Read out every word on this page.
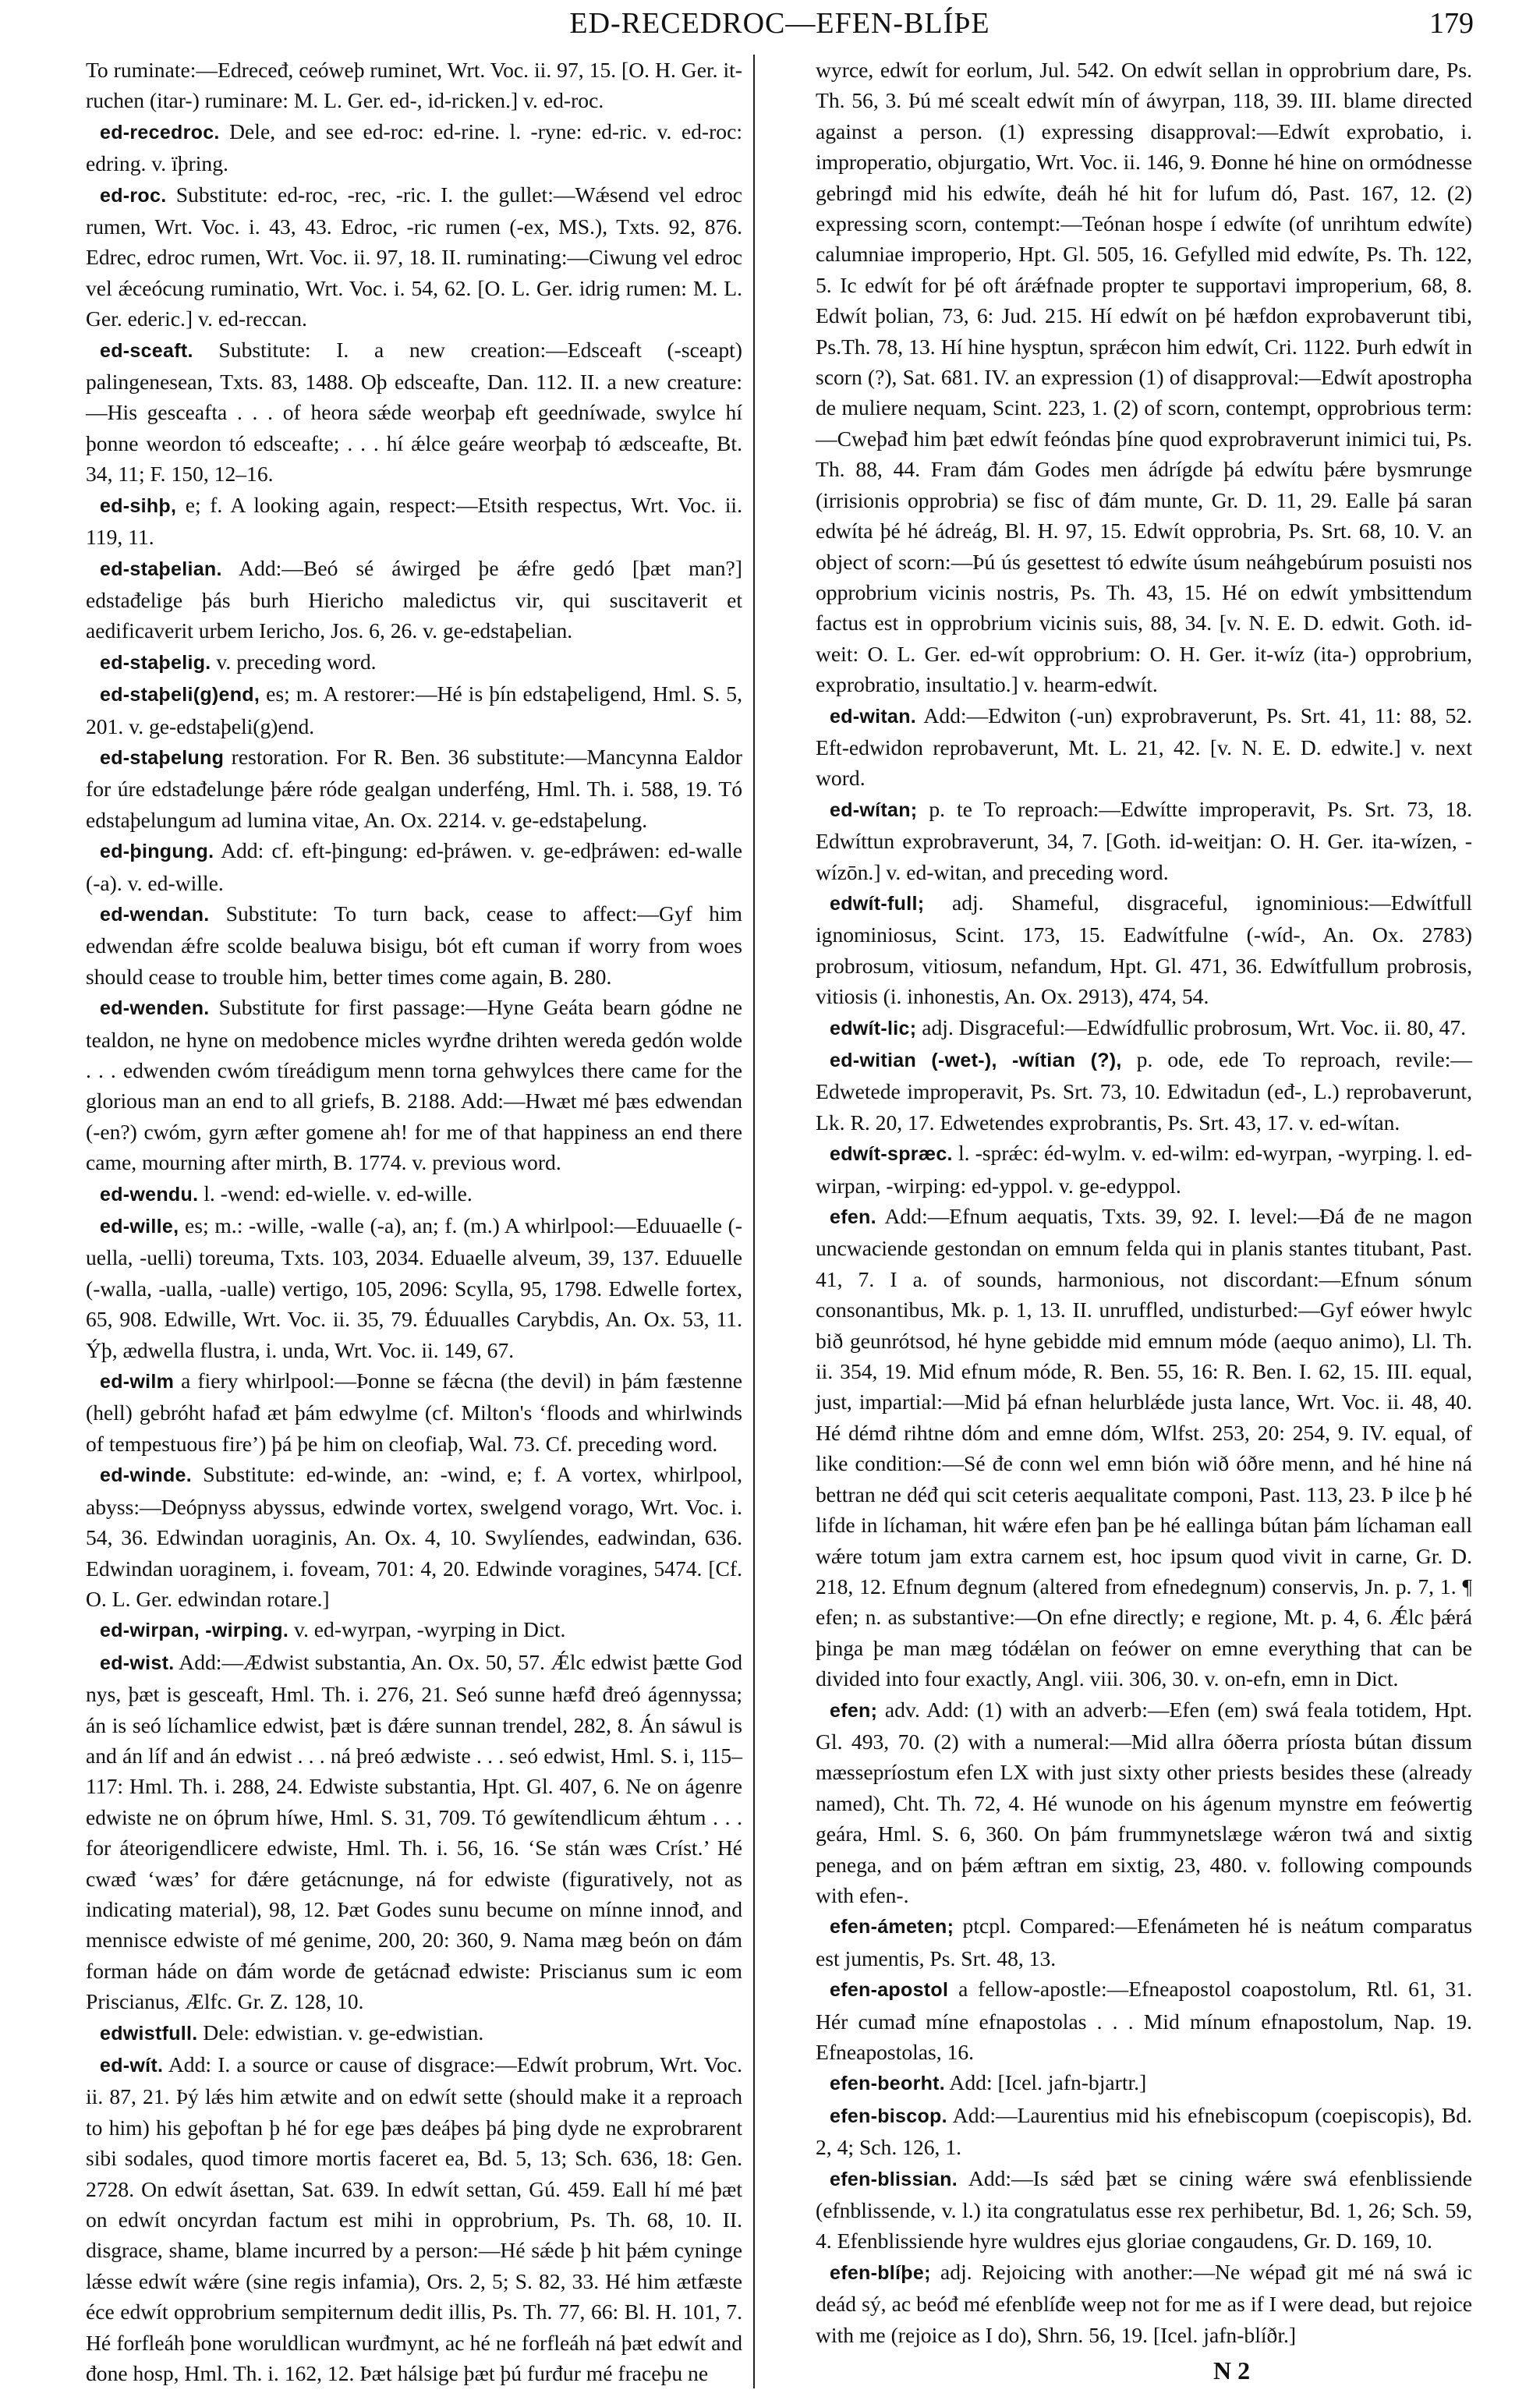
ED-RECEDROC—EFEN-BLÍÞE	179

To ruminate:—Edreceđ, ceóweþ ruminet, Wrt. Voc. ii. 97, 15. [O. H. Ger. it-ruchen (itar-) ruminare: M. L. Ger. ed-, id-ricken.] v. ed-roc.

ed-recedroc. Dele, and see ed-roc: ed-rine. l. -ryne: ed-ric. v. ed-roc: edring. v. ïþring.

ed-roc. Substitute: ed-roc, -rec, -ric. I. the gullet:—Wǽsend vel edroc rumen, Wrt. Voc. i. 43, 43. Edroc, -ric rumen (-ex, MS.), Txts. 92, 876. Edrec, edroc rumen, Wrt. Voc. ii. 97, 18. II. ruminating:—Ciwung vel edroc vel ǽceócung ruminatio, Wrt. Voc. i. 54, 62. [O. L. Ger. idrig rumen: M. L. Ger. ederic.] v. ed-reccan.

ed-sceaft. Substitute: I. a new creation:—Edsceaft (-sceapt) palingenesean, Txts. 83, 1488. Oþ edsceafte, Dan. 112. II. a new creature:—His gesceafta . . . of heora sǽde weorþaþ eft geedníwade, swylce hí þonne weordon tó edsceafte; . . . hí ǽlce geáre weorþaþ tó ædsceafte, Bt. 34, 11; F. 150, 12–16.

ed-sihþ, e; f. A looking again, respect:—Etsith respectus, Wrt. Voc. ii. 119, 11.

ed-staþelian. Add:—Beó sé áwirged þe ǽfre gedó [þæt man?] edstađelige þás burh Hiericho maledictus vir, qui suscitaverit et aedificaverit urbem Iericho, Jos. 6, 26. v. ge-edstaþelian.

ed-staþelig. v. preceding word.

ed-staþeli(g)end, es; m. A restorer:—Hé is þín edstaþeligend, Hml. S. 5, 201. v. ge-edstaþeli(g)end.

ed-staþelung restoration. For R. Ben. 36 substitute:—Mancynna Ealdor for úre edstađelunge þǽre róde gealgan underféng, Hml. Th. i. 588, 19. Tó edstaþelungum ad lumina vitae, An. Ox. 2214. v. ge-edstaþelung.

ed-þingung. Add: cf. eft-þingung: ed-þráwen. v. ge-edþráwen: ed-walle (-a). v. ed-wille.

ed-wendan. Substitute: To turn back, cease to affect:—Gyf him edwendan ǽfre scolde bealuwa bisigu, bót eft cuman if worry from woes should cease to trouble him, better times come again, B. 280.

ed-wenden. Substitute for first passage:—Hyne Geáta bearn gódne ne tealdon, ne hyne on medobence micles wyrđne drihten wereda gedón wolde . . . edwenden cwóm tíreádigum menn torna gehwylces there came for the glorious man an end to all griefs, B. 2188. Add:—Hwæt mé þæs edwendan (-en?) cwóm, gyrn æfter gomene ah! for me of that happiness an end there came, mourning after mirth, B. 1774. v. previous word.

ed-wendu. l. -wend: ed-wielle. v. ed-wille.

ed-wille, es; m.: -wille, -walle (-a), an; f. (m.) A whirlpool:—Eduuaelle (-uella, -uelli) toreuma, Txts. 103, 2034. Eduaelle alveum, 39, 137. Eduuelle (-walla, -ualla, -ualle) vertigo, 105, 2096: Scylla, 95, 1798. Edwelle fortex, 65, 908. Edwille, Wrt. Voc. ii. 35, 79. Éduualles Carybdis, An. Ox. 53, 11. Ýþ, ædwella flustra, i. unda, Wrt. Voc. ii. 149, 67.

ed-wilm a fiery whirlpool:—Þonne se fǽcna (the devil) in þám fæstenne (hell) gebróht hafađ æt þám edwylme (cf. Milton's ‘floods and whirlwinds of tempestuous fire’) þá þe him on cleofiaþ, Wal. 73. Cf. preceding word.

ed-winde. Substitute: ed-winde, an: -wind, e; f. A vortex, whirlpool, abyss:—Deópnyss abyssus, edwinde vortex, swelgend vorago, Wrt. Voc. i. 54, 36. Edwindan uoraginis, An. Ox. 4, 10. Swylíendes, eadwindan, 636. Edwindan uoraginem, i. foveam, 701: 4, 20. Edwinde voragines, 5474. [Cf. O. L. Ger. edwindan rotare.]

ed-wirpan, -wirping. v. ed-wyrpan, -wyrping in Dict.

ed-wist. Add:—Ædwist substantia, An. Ox. 50, 57. Ǽlc edwist þætte God nys, þæt is gesceaft, Hml. Th. i. 276, 21. Seó sunne hæfđ đreó ágennyssa; án is seó líchamlice edwist, þæt is đǽre sunnan trendel, 282, 8. Án sáwul is and án líf and án edwist . . . ná þreó ædwiste . . . seó edwist, Hml. S. i, 115–117: Hml. Th. i. 288, 24. Edwiste substantia, Hpt. Gl. 407, 6. Ne on ágenre edwiste ne on óþrum híwe, Hml. S. 31, 709. Tó gewítendlicum ǽhtum . . . for áteorigendlicere edwiste, Hml. Th. i. 56, 16. ‘Se stán wæs Críst.’ Hé cwæđ ‘wæs’ for đǽre getácnunge, ná for edwiste (figuratively, not as indicating material), 98, 12. Þæt Godes sunu becume on mínne innođ, and mennisce edwiste of mé genime, 200, 20: 360, 9. Nama mæg beón on đám forman háde on đám worde đe getácnađ edwiste: Priscianus sum ic eom Priscianus, Ælfc. Gr. Z. 128, 10.

edwistfull. Dele: edwistian. v. ge-edwistian.

ed-wít. Add: I. a source or cause of disgrace:—Edwít probrum, Wrt. Voc. ii. 87, 21. Þý lǽs him ætwite and on edwít sette (should make it a reproach to him) his geþoftan þ hé for ege þæs deáþes þá þing dyde ne exprobrarent sibi sodales, quod timore mortis faceret ea, Bd. 5, 13; Sch. 636, 18: Gen. 2728. On edwít ásettan, Sat. 639. In edwít settan, Gú. 459. Eall hí mé þæt on edwít oncyrdan factum est mihi in opprobrium, Ps. Th. 68, 10. II. disgrace, shame, blame incurred by a person:—Hé sǽde þ hit þǽm cyninge lǽsse edwít wǽre (sine regis infamia), Ors. 2, 5; S. 82, 33. Hé him ætfæste éce edwít opprobrium sempiternum dedit illis, Ps. Th. 77, 66: Bl. H. 101, 7. Hé forfleáh þone woruldlican wurđmynt, ac hé ne forfleáh ná þæt edwít and đone hosp, Hml. Th. i. 162, 12. Þæt hálsige þæt þú furđur mé fraceþu ne

wyrce, edwít for eorlum, Jul. 542. On edwít sellan in opprobrium dare, Ps. Th. 56, 3. Þú mé scealt edwít mín of áwyrpan, 118, 39. III. blame directed against a person. (1) expressing disapproval:—Edwít exprobatio, i. improperatio, objurgatio, Wrt. Voc. ii. 146, 9. Đonne hé hine on ormódnesse gebringđ mid his edwíte, đeáh hé hit for lufum dó, Past. 167, 12. (2) expressing scorn, contempt:—Teónan hospe í edwíte (of unrihtum edwíte) calumniae improperio, Hpt. Gl. 505, 16. Gefylled mid edwíte, Ps. Th. 122, 5. Ic edwít for þé oft árǽfnade propter te supportavi improperium, 68, 8. Edwít þolian, 73, 6: Jud. 215. Hí edwít on þé hæfdon exprobaverunt tibi, Ps.Th. 78, 13. Hí hine hysptun, sprǽcon him edwít, Cri. 1122. Þurh edwít in scorn (?), Sat. 681. IV. an expression (1) of disapproval:—Edwít apostropha de muliere nequam, Scint. 223, 1. (2) of scorn, contempt, opprobrious term:—Cweþađ him þæt edwít feóndas þíne quod exprobraverunt inimici tui, Ps. Th. 88, 44. Fram đám Godes men ádrígde þá edwítu þǽre bysmrunge (irrisionis opprobria) se fisc of đám munte, Gr. D. 11, 29. Ealle þá saran edwíta þé hé ádreág, Bl. H. 97, 15. Edwít opprobria, Ps. Srt. 68, 10. V. an object of scorn:—Þú ús gesettest tó edwíte úsum neáhgebúrum posuisti nos opprobrium vicinis nostris, Ps. Th. 43, 15. Hé on edwít ymbsittendum factus est in opprobrium vicinis suis, 88, 34. [v. N. E. D. edwit. Goth. id-weit: O. L. Ger. ed-wít opprobrium: O. H. Ger. it-wíz (ita-) opprobrium, exprobratio, insultatio.] v. hearm-edwít.

ed-witan. Add:—Edwiton (-un) exprobraverunt, Ps. Srt. 41, 11: 88, 52. Eft-edwidon reprobaverunt, Mt. L. 21, 42. [v. N. E. D. edwite.] v. next word.

ed-wítan; p. te To reproach:—Edwítte improperavit, Ps. Srt. 73, 18. Edwíttun exprobraverunt, 34, 7. [Goth. id-weitjan: O. H. Ger. ita-wízen, -wízōn.] v. ed-witan, and preceding word.

edwít-full; adj. Shameful, disgraceful, ignominious:—Edwítfull ignominiosus, Scint. 173, 15. Eadwítfulne (-wíd-, An. Ox. 2783) probrosum, vitiosum, nefandum, Hpt. Gl. 471, 36. Edwítfullum probrosis, vitiosis (i. inhonestis, An. Ox. 2913), 474, 54.

edwít-lic; adj. Disgraceful:—Edwídfullic probrosum, Wrt. Voc. ii. 80, 47.

ed-witian (-wet-), -wítian (?), p. ode, ede To reproach, revile:—Edwetede improperavit, Ps. Srt. 73, 10. Edwitadun (eđ-, L.) reprobaverunt, Lk. R. 20, 17. Edwetendes exprobrantis, Ps. Srt. 43, 17. v. ed-wítan.

edwít-spræc. l. -sprǽc: éd-wylm. v. ed-wilm: ed-wyrpan, -wyrping. l. ed-wirpan, -wirping: ed-yppol. v. ge-edyppol.

efen. Add:—Efnum aequatis, Txts. 39, 92. I. level:—Đá đe ne magon uncwaciende gestondan on emnum felda qui in planis stantes titubant, Past. 41, 7. I a. of sounds, harmonious, not discordant:—Efnum sónum consonantibus, Mk. p. 1, 13. II. unruffled, undisturbed:—Gyf eówer hwylc bið geunrótsod, hé hyne gebidde mid emnum móde (aequo animo), Ll. Th. ii. 354, 19. Mid efnum móde, R. Ben. 55, 16: R. Ben. I. 62, 15. III. equal, just, impartial:—Mid þá efnan helurblǽde justa lance, Wrt. Voc. ii. 48, 40. Hé démđ rihtne dóm and emne dóm, Wlfst. 253, 20: 254, 9. IV. equal, of like condition:—Sé đe conn wel emn bión wið óðre menn, and hé hine ná bettran ne déđ qui scit ceteris aequalitate componi, Past. 113, 23. Þ ilce þ hé lifde in líchaman, hit wǽre efen þan þe hé eallinga bútan þám líchaman eall wǽre totum jam extra carnem est, hoc ipsum quod vivit in carne, Gr. D. 218, 12. Efnum đegnum (altered from efnedegnum) conservis, Jn. p. 7, 1. ¶ efen; n. as substantive:—On efne directly; e regione, Mt. p. 4, 6. Ǽlc þǽrá þinga þe man mæg tódǽlan on feówer on emne everything that can be divided into four exactly, Angl. viii. 306, 30. v. on-efn, emn in Dict.

efen; adv. Add: (1) with an adverb:—Efen (em) swá feala totidem, Hpt. Gl. 493, 70. (2) with a numeral:—Mid allra óðerra príosta bútan đissum mæssepríostum efen LX with just sixty other priests besides these (already named), Cht. Th. 72, 4. Hé wunode on his ágenum mynstre em feówertig geára, Hml. S. 6, 360. On þám frummynetslæge wǽron twá and sixtig penega, and on þǽm æftran em sixtig, 23, 480. v. following compounds with efen-.

efen-ámeten; ptcpl. Compared:—Efenámeten hé is neátum comparatus est jumentis, Ps. Srt. 48, 13.

efen-apostol a fellow-apostle:—Efneapostol coapostolum, Rtl. 61, 31. Hér cumađ míne efnapostolas . . . Mid mínum efnapostolum, Nap. 19. Efneapostolas, 16.

efen-beorht. Add: [Icel. jafn-bjartr.]

efen-biscop. Add:—Laurentius mid his efnebiscopum (coepiscopis), Bd. 2, 4; Sch. 126, 1.

efen-blissian. Add:—Is sǽd þæt se cining wǽre swá efenblissiende (efnblissende, v. l.) ita congratulatus esse rex perhibetur, Bd. 1, 26; Sch. 59, 4. Efenblissiende hyre wuldres ejus gloriae congaudens, Gr. D. 169, 10.

efen-blíþe; adj. Rejoicing with another:—Ne wépađ git mé ná swá ic deád sý, ac beóđ mé efenblíđe weep not for me as if I were dead, but rejoice with me (rejoice as I do), Shrn. 56, 19. [Icel. jafn-blíðr.]

N 2
